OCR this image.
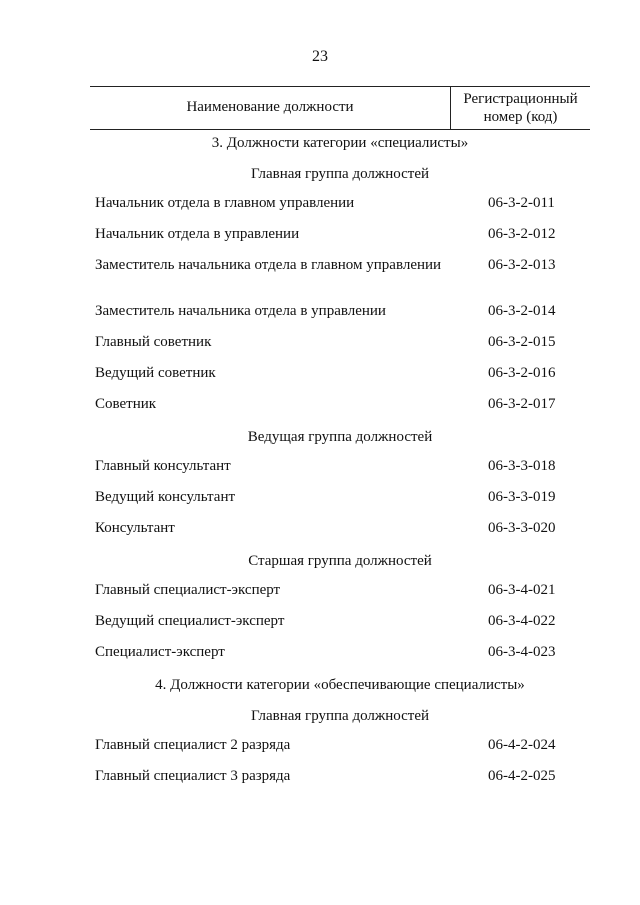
23
Наименование должности	Регистрационный
номер (код)
3. Должности категории «специалисты»
Главная группа должностей
Начальник отдела в главном управлении	06-3-2-011
Начальник отдела в управлении	06-3-2-012
Заместитель начальника отдела в главном управлении	06-3-2-013
Заместитель начальника отдела в управлении	06-3-2-014
Главный советник	06-3-2-015
Ведущий советник	06-3-2-016
Советник	06-3-2-017
Ведущая группа должностей
Главный консультант	06-3-3-018
Ведущий консультант	06-3-3-019
Консультант	06-3-3-020
Старшая группа должностей
Главный специалист-эксперт	06-3-4-021
Ведущий специалист-эксперт	06-3-4-022
Специалист-эксперт	06-3-4-023
4. Должности категории «обеспечивающие специалисты»
Главная группа должностей
Главный специалист 2 разряда	06-4-2-024
Главный специалист 3 разряда	06-4-2-025
